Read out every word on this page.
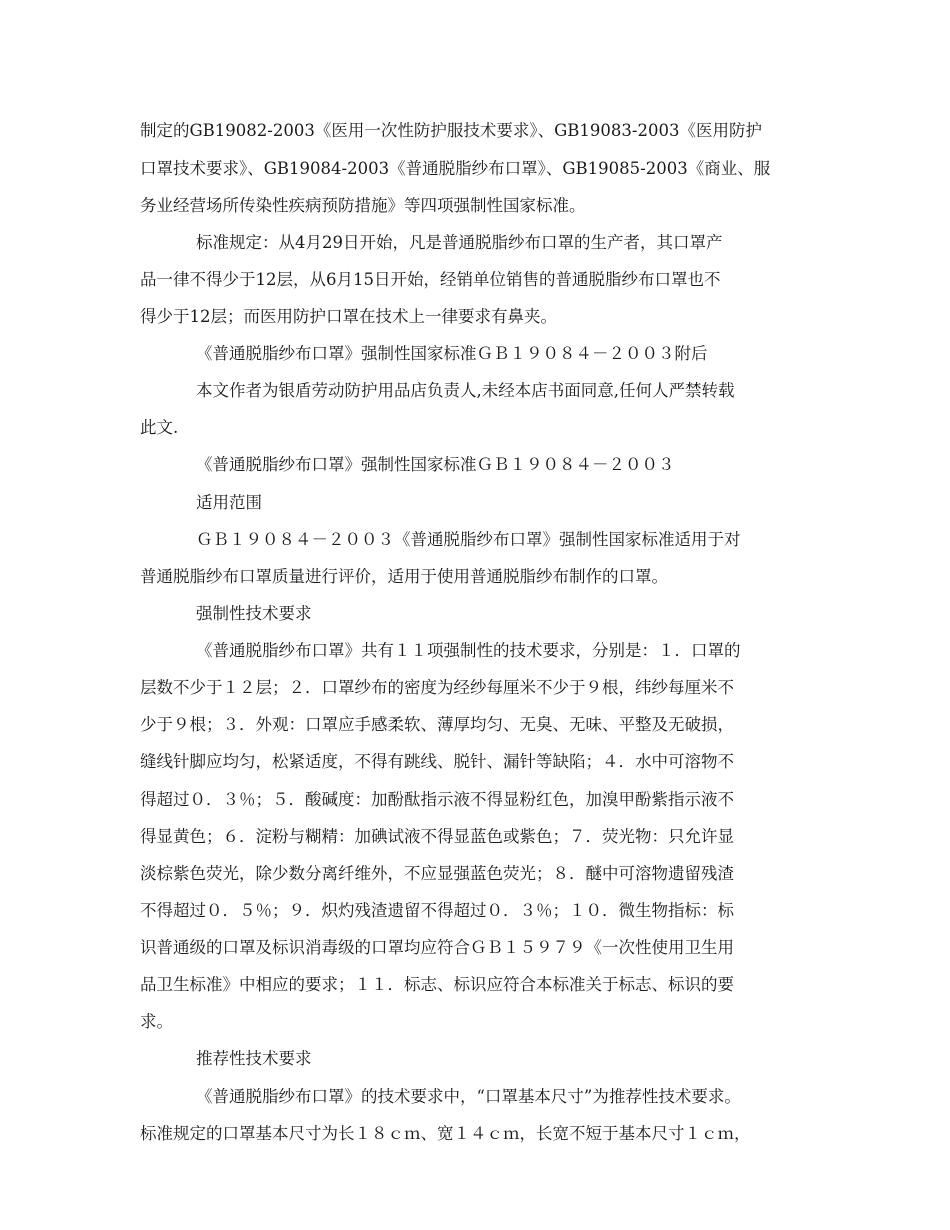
制定的GB19082-2003《医用一次性防护服技术要求》、GB19083-2003《医用防护
口罩技术要求》、GB19084-2003《普通脱脂纱布口罩》、GB19085-2003《商业、服
务业经营场所传染性疾病预防措施》等四项强制性国家标准。
标准规定：从4月29日开始，凡是普通脱脂纱布口罩的生产者，其口罩产
品一律不得少于12层，从6月15日开始，经销单位销售的普通脱脂纱布口罩也不
得少于12层；而医用防护口罩在技术上一律要求有鼻夹。
《普通脱脂纱布口罩》强制性国家标准ＧＢ１９０８４－２００３附后
本文作者为银盾劳动防护用品店负责人,未经本店书面同意,任何人严禁转载
此文.
《普通脱脂纱布口罩》强制性国家标准ＧＢ１９０８４－２００３
适用范围
ＧＢ１９０８４－２００３《普通脱脂纱布口罩》强制性国家标准适用于对
普通脱脂纱布口罩质量进行评价，适用于使用普通脱脂纱布制作的口罩。
强制性技术要求
《普通脱脂纱布口罩》共有１１项强制性的技术要求，分别是：１．口罩的
层数不少于１２层；２．口罩纱布的密度为经纱每厘米不少于９根，纬纱每厘米不
少于９根；３．外观：口罩应手感柔软、薄厚均匀、无臭、无味、平整及无破损，
缝线针脚应均匀，松紧适度，不得有跳线、脱针、漏针等缺陷；４．水中可溶物不
得超过０．３％；５．酸碱度：加酚酞指示液不得显粉红色，加溴甲酚紫指示液不
得显黄色；６．淀粉与糊精：加碘试液不得显蓝色或紫色；７．荧光物：只允许显
淡棕紫色荧光，除少数分离纤维外，不应显强蓝色荧光；８．醚中可溶物遗留残渣
不得超过０．５％；９．炽灼残渣遗留不得超过０．３％；１０．微生物指标：标
识普通级的口罩及标识消毒级的口罩均应符合ＧＢ１５９７９《一次性使用卫生用
品卫生标准》中相应的要求；１１．标志、标识应符合本标准关于标志、标识的要
求。
推荐性技术要求
《普通脱脂纱布口罩》的技术要求中，“口罩基本尺寸”为推荐性技术要求。
标准规定的口罩基本尺寸为长１８ｃｍ、宽１４ｃｍ，长宽不短于基本尺寸１ｃｍ，
